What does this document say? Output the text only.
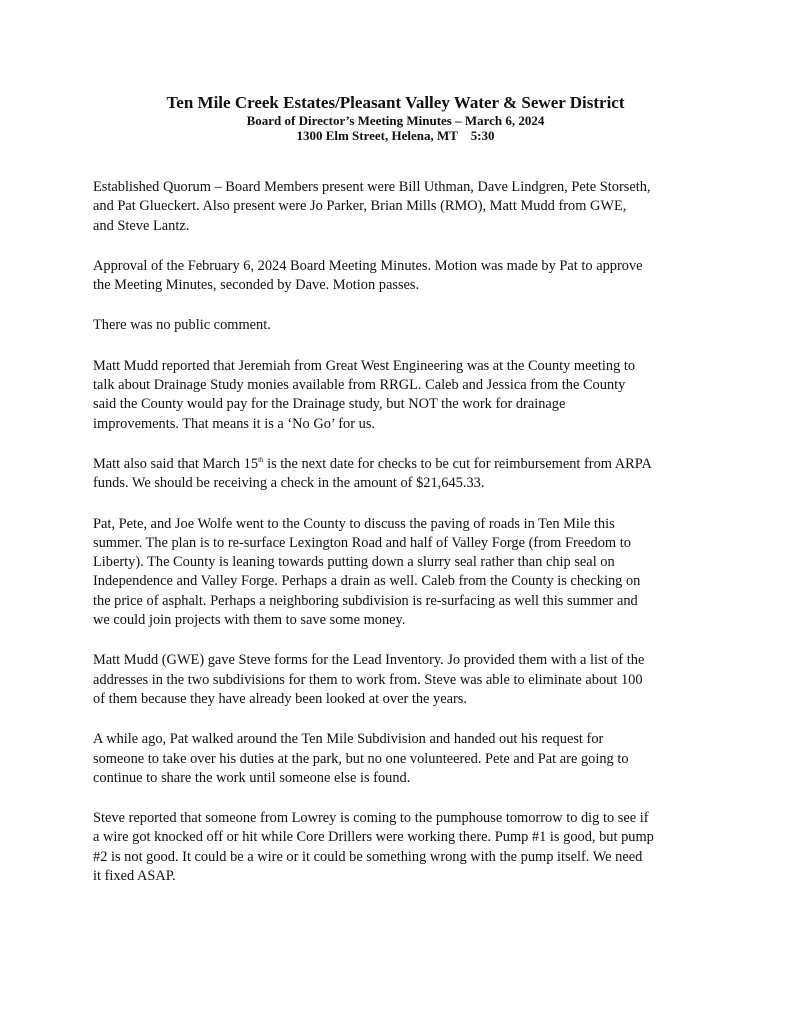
Ten Mile Creek Estates/Pleasant Valley Water & Sewer District

Board of Director’s Meeting Minutes – March 6, 2024

1300 Elm Street, Helena, MT    5:30

Established Quorum – Board Members present were Bill Uthman, Dave Lindgren, Pete Storseth,
and Pat Glueckert. Also present were Jo Parker, Brian Mills (RMO), Matt Mudd from GWE,
and Steve Lantz.

Approval of the February 6, 2024 Board Meeting Minutes. Motion was made by Pat to approve
the Meeting Minutes, seconded by Dave. Motion passes.

There was no public comment.

Matt Mudd reported that Jeremiah from Great West Engineering was at the County meeting to
talk about Drainage Study monies available from RRGL. Caleb and Jessica from the County
said the County would pay for the Drainage study, but NOT the work for drainage
improvements. That means it is a ‘No Go’ for us.

Matt also said that March 15th is the next date for checks to be cut for reimbursement from ARPA
funds. We should be receiving a check in the amount of $21,645.33.

Pat, Pete, and Joe Wolfe went to the County to discuss the paving of roads in Ten Mile this
summer. The plan is to re-surface Lexington Road and half of Valley Forge (from Freedom to
Liberty). The County is leaning towards putting down a slurry seal rather than chip seal on
Independence and Valley Forge. Perhaps a drain as well. Caleb from the County is checking on
the price of asphalt. Perhaps a neighboring subdivision is re-surfacing as well this summer and
we could join projects with them to save some money.

Matt Mudd (GWE) gave Steve forms for the Lead Inventory. Jo provided them with a list of the
addresses in the two subdivisions for them to work from. Steve was able to eliminate about 100
of them because they have already been looked at over the years.

A while ago, Pat walked around the Ten Mile Subdivision and handed out his request for
someone to take over his duties at the park, but no one volunteered. Pete and Pat are going to
continue to share the work until someone else is found.

Steve reported that someone from Lowrey is coming to the pumphouse tomorrow to dig to see if
a wire got knocked off or hit while Core Drillers were working there. Pump #1 is good, but pump
#2 is not good. It could be a wire or it could be something wrong with the pump itself. We need
it fixed ASAP.
